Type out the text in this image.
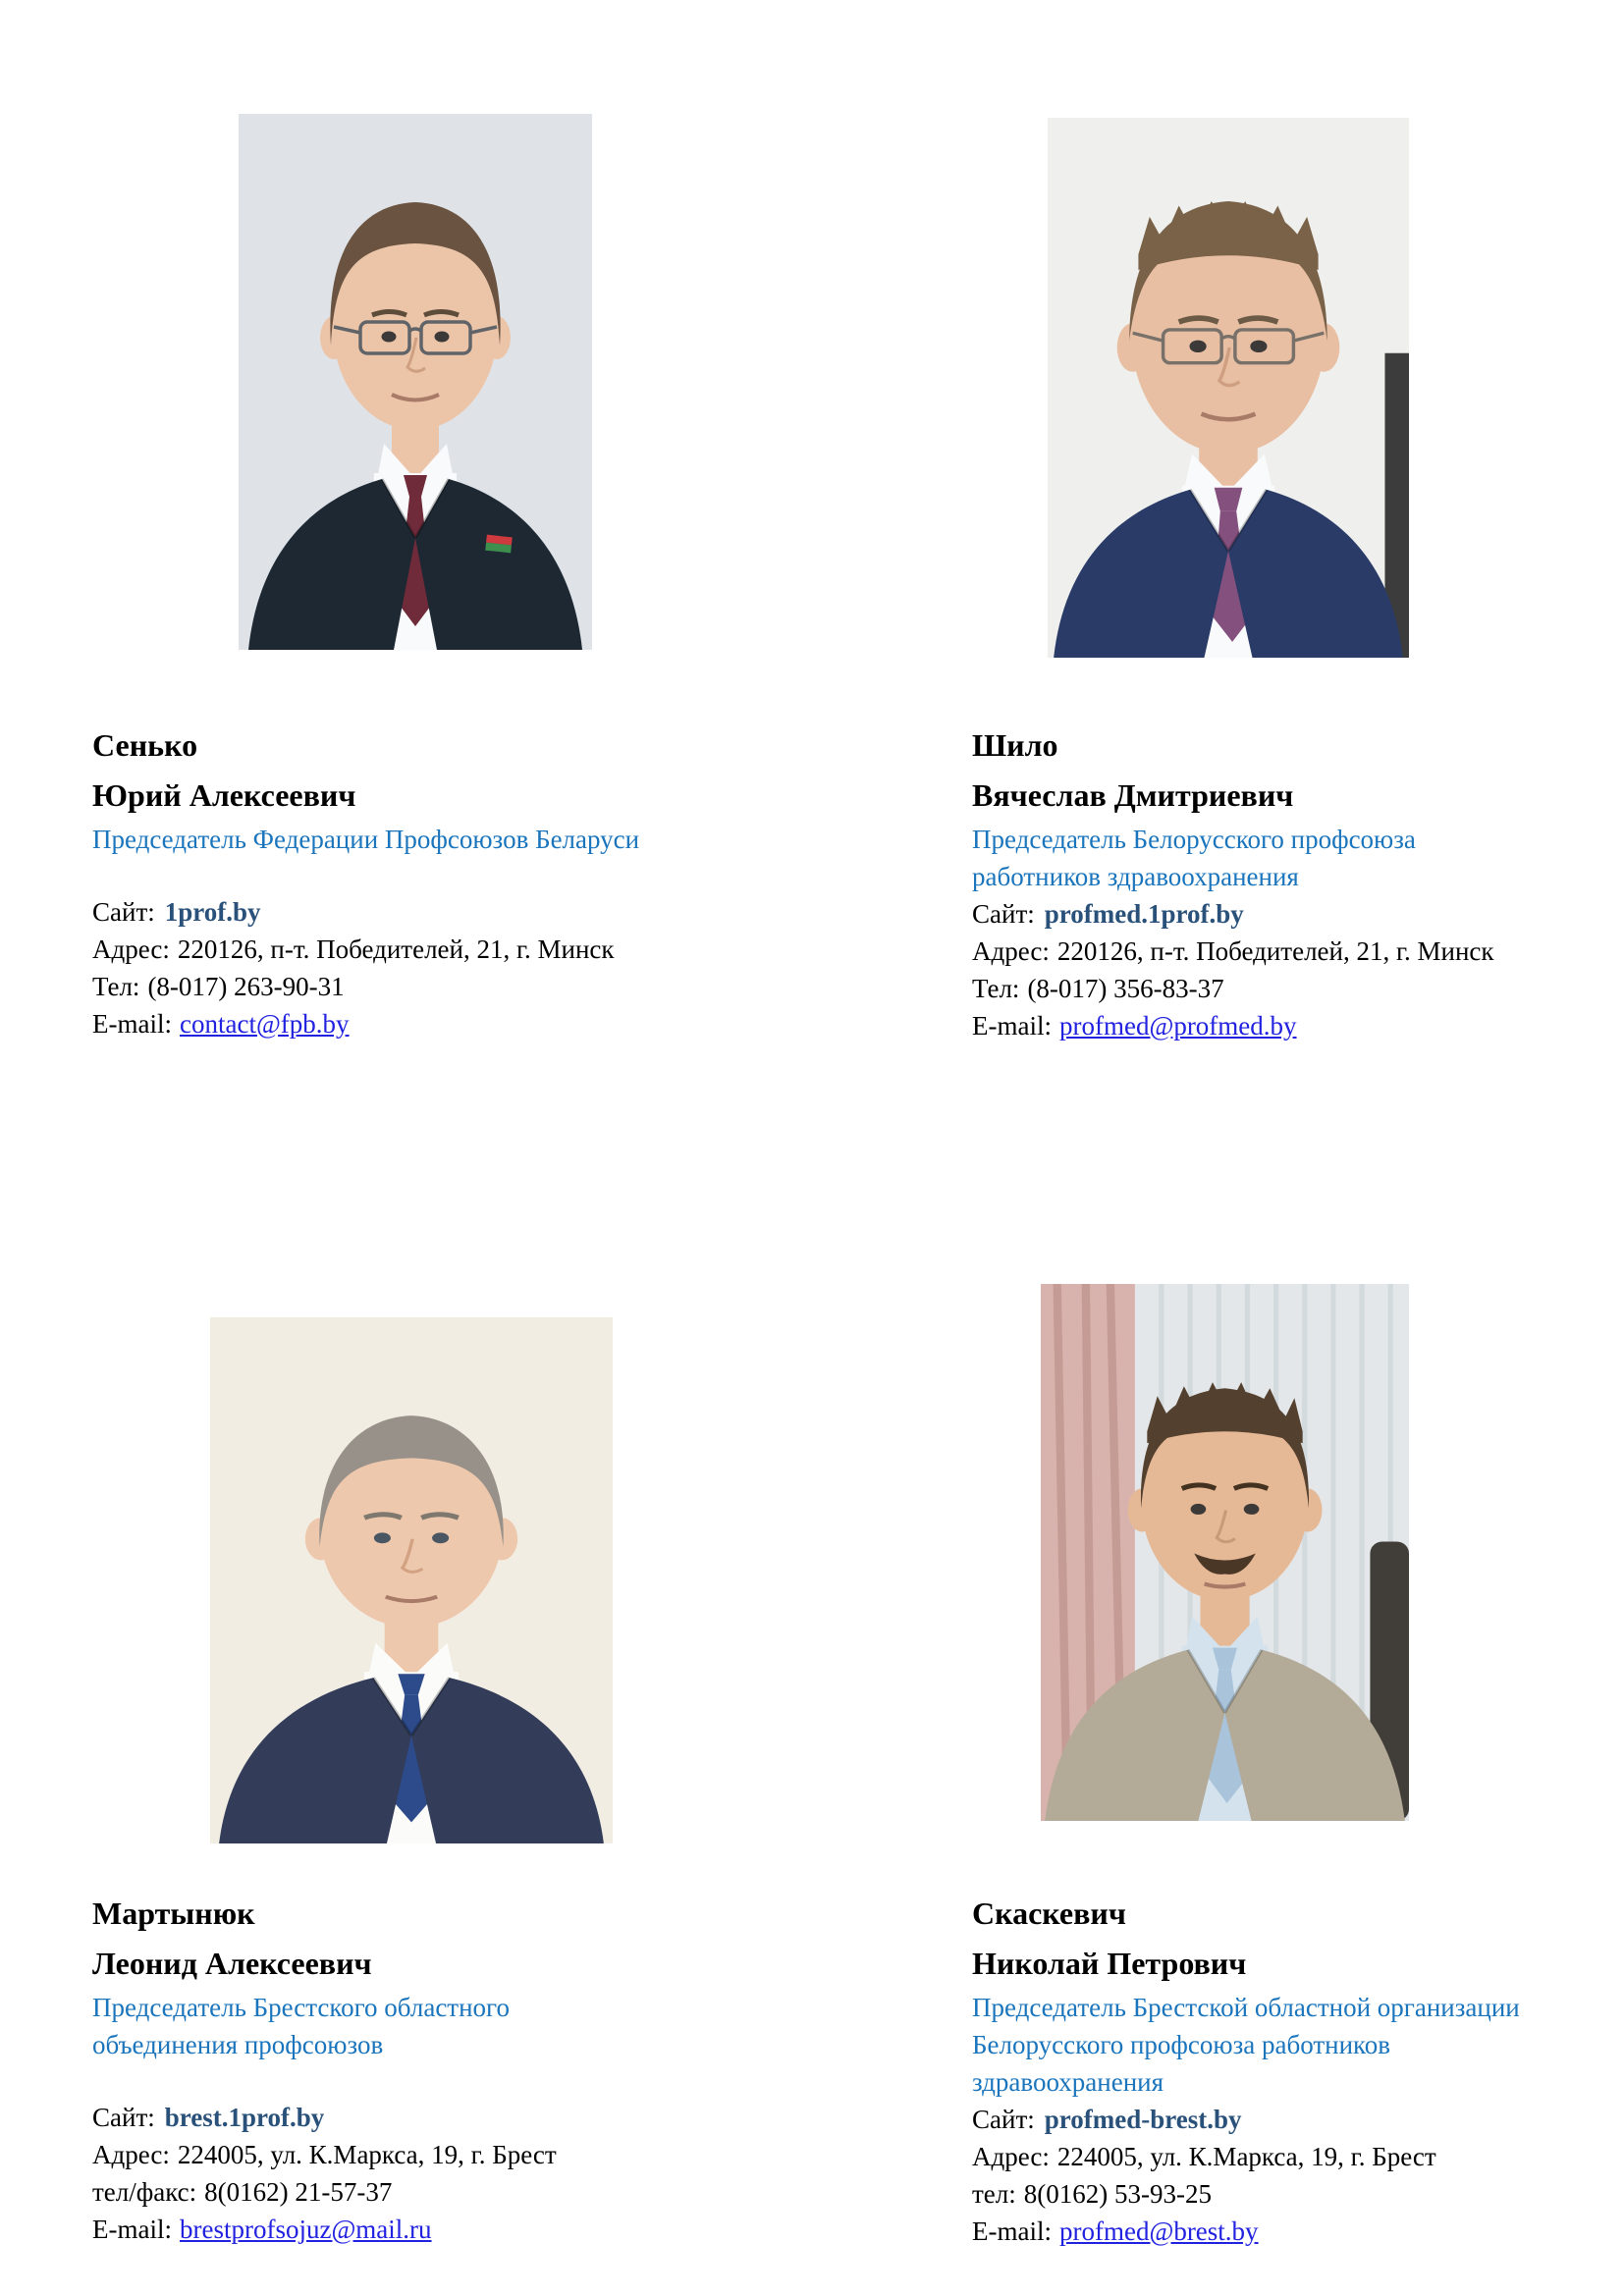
Сенько
Юрий Алексеевич
Председатель Федерации Профсоюзов Беларуси
Сайт: 1prof.by
Адрес: 220126, п-т. Победителей, 21, г. Минск
Тел: (8-017) 263-90-31
E-mail: contact@fpb.by
Шило
Вячеслав Дмитриевич
Председатель Белорусского профсоюза работников здравоохранения
Сайт: profmed.1prof.by
Адрес: 220126, п-т. Победителей, 21, г. Минск
Тел: (8-017) 356-83-37
E-mail: profmed@profmed.by
Мартынюк
Леонид Алексеевич
Председатель Брестского областного объединения профсоюзов
Сайт: brest.1prof.by
Адрес: 224005, ул. К.Маркса, 19, г. Брест
тел/факс: 8(0162) 21-57-37
E-mail: brestprofsojuz@mail.ru
Скаскевич
Николай Петрович
Председатель Брестской областной организации Белорусского профсоюза работников здравоохранения
Сайт: profmed-brest.by
Адрес: 224005, ул. К.Маркса, 19, г. Брест
тел: 8(0162) 53-93-25
E-mail: profmed@brest.by
